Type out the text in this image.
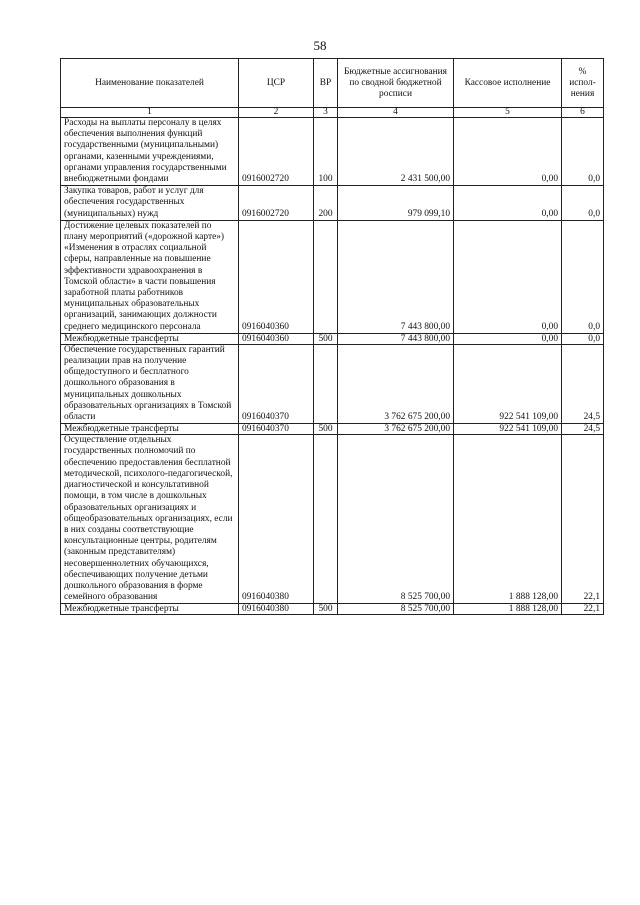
58
Наименование показателей	ЦСР	ВР	Бюджетные ассигнования по сводной бюджетной росписи	Кассовое исполнение	% испол-нения
1	2	3	4	5	6
Расходы на выплаты персоналу в целях обеспечения выполнения функций государственными (муниципальными) органами, казенными учреждениями, органами управления государственными внебюджетными фондами	0916002720	100	2 431 500,00	0,00	0,0
Закупка товаров, работ и услуг для обеспечения государственных (муниципальных) нужд	0916002720	200	979 099,10	0,00	0,0
Достижение целевых показателей по плану мероприятий («дорожной карте») «Изменения в отраслях социальной сферы, направленные на повышение эффективности здравоохранения в Томской области» в части повышения заработной платы работников муниципальных образовательных организаций, занимающих должности среднего медицинского персонала	0916040360		7 443 800,00	0,00	0,0
Межбюджетные трансферты	0916040360	500	7 443 800,00	0,00	0,0
Обеспечение государственных гарантий реализации прав на получение общедоступного и бесплатного дошкольного образования в муниципальных дошкольных образовательных организациях в Томской области	0916040370		3 762 675 200,00	922 541 109,00	24,5
Межбюджетные трансферты	0916040370	500	3 762 675 200,00	922 541 109,00	24,5
Осуществление отдельных государственных полномочий по обеспечению предоставления бесплатной методической, психолого-педагогической, диагностической и консультативной помощи, в том числе в дошкольных образовательных организациях и общеобразовательных организациях, если в них созданы соответствующие консультационные центры, родителям (законным представителям) несовершеннолетних обучающихся, обеспечивающих получение детьми дошкольного образования в форме семейного образования	0916040380		8 525 700,00	1 888 128,00	22,1
Межбюджетные трансферты	0916040380	500	8 525 700,00	1 888 128,00	22,1
